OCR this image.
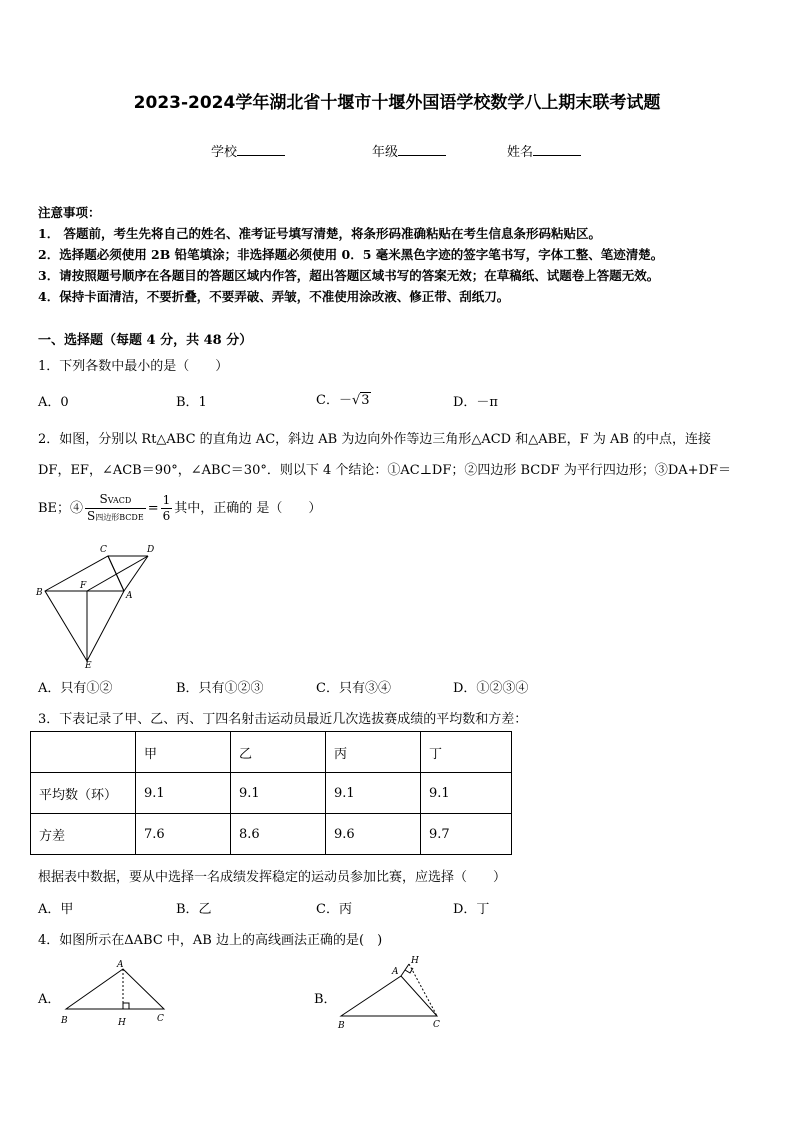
2023-2024学年湖北省十堰市十堰外国语学校数学八上期末联考试题
学校	年级	姓名
注意事项：
1． 答题前，考生先将自己的姓名、准考证号填写清楚，将条形码准确粘贴在考生信息条形码粘贴区。
2．选择题必须使用 2B 铅笔填涂；非选择题必须使用 0．5 毫米黑色字迹的签字笔书写，字体工整、笔迹清楚。
3．请按照题号顺序在各题目的答题区域内作答，超出答题区域书写的答案无效；在草稿纸、试题卷上答题无效。
4．保持卡面清洁，不要折叠，不要弄破、弄皱，不准使用涂改液、修正带、刮纸刀。
一、选择题（每题 4 分，共 48 分）
1．下列各数中最小的是（　　）
A．0	B．1	C．－√3	D．－π
2．如图，分别以 Rt△ABC 的直角边 AC，斜边 AB 为边向外作等边三角形△ACD 和△ABE，F 为 AB 的中点，连接
DF，EF，∠ACB＝90°，∠ABC＝30°．则以下 4 个结论：①AC⊥DF；②四边形 BCDF 为平行四边形；③DA+DF＝
BE；④ $\frac{\text{SVACD}}{\text{S四边形BCDE}} = \frac{1}{6}$ 其中，正确的 是（　　）
C	D
F
B	A
E
A．只有①②	B．只有①②③	C．只有③④	D．①②③④
3．下表记录了甲、乙、丙、丁四名射击运动员最近几次选拔赛成绩的平均数和方差：
	甲	乙	丙	丁
平均数（环）	9.1	9.1	9.1	9.1
方差	7.6	8.6	9.6	9.7
根据表中数据，要从中选择一名成绩发挥稳定的运动员参加比赛，应选择（　　）
A．甲	B．乙	C．丙	D．丁
4．如图所示在ΔABC 中，AB 边上的高线画法正确的是(　)
A．
A
B	H	C
B．
A
H
B	C
